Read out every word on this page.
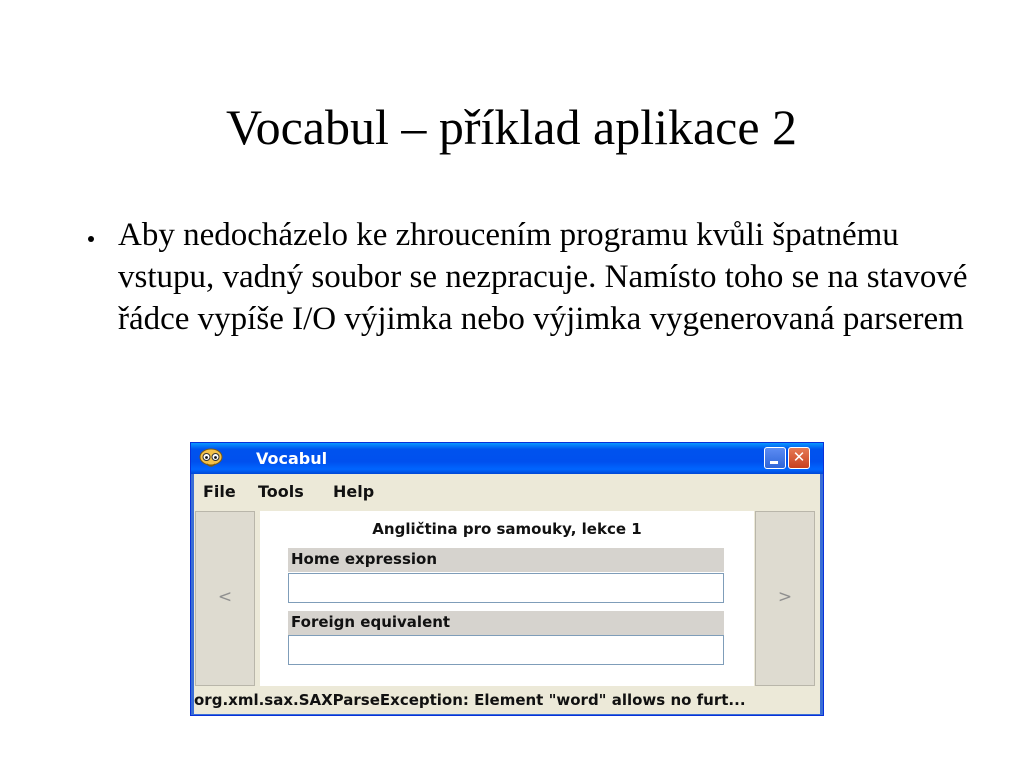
Vocabul – příklad aplikace 2
Aby nedocházelo ke zhroucením programu kvůli špatnému vstupu, vadný soubor se nezpracuje. Namísto toho se na stavové řádce vypíše I/O výjimka nebo výjimka vygenerovaná parserem
Vocabul	✕
File Tools Help
<
Angličtina pro samouky, lekce 1
Home expression
Foreign equivalent
>
org.xml.sax.SAXParseException: Element "word" allows no furt...
